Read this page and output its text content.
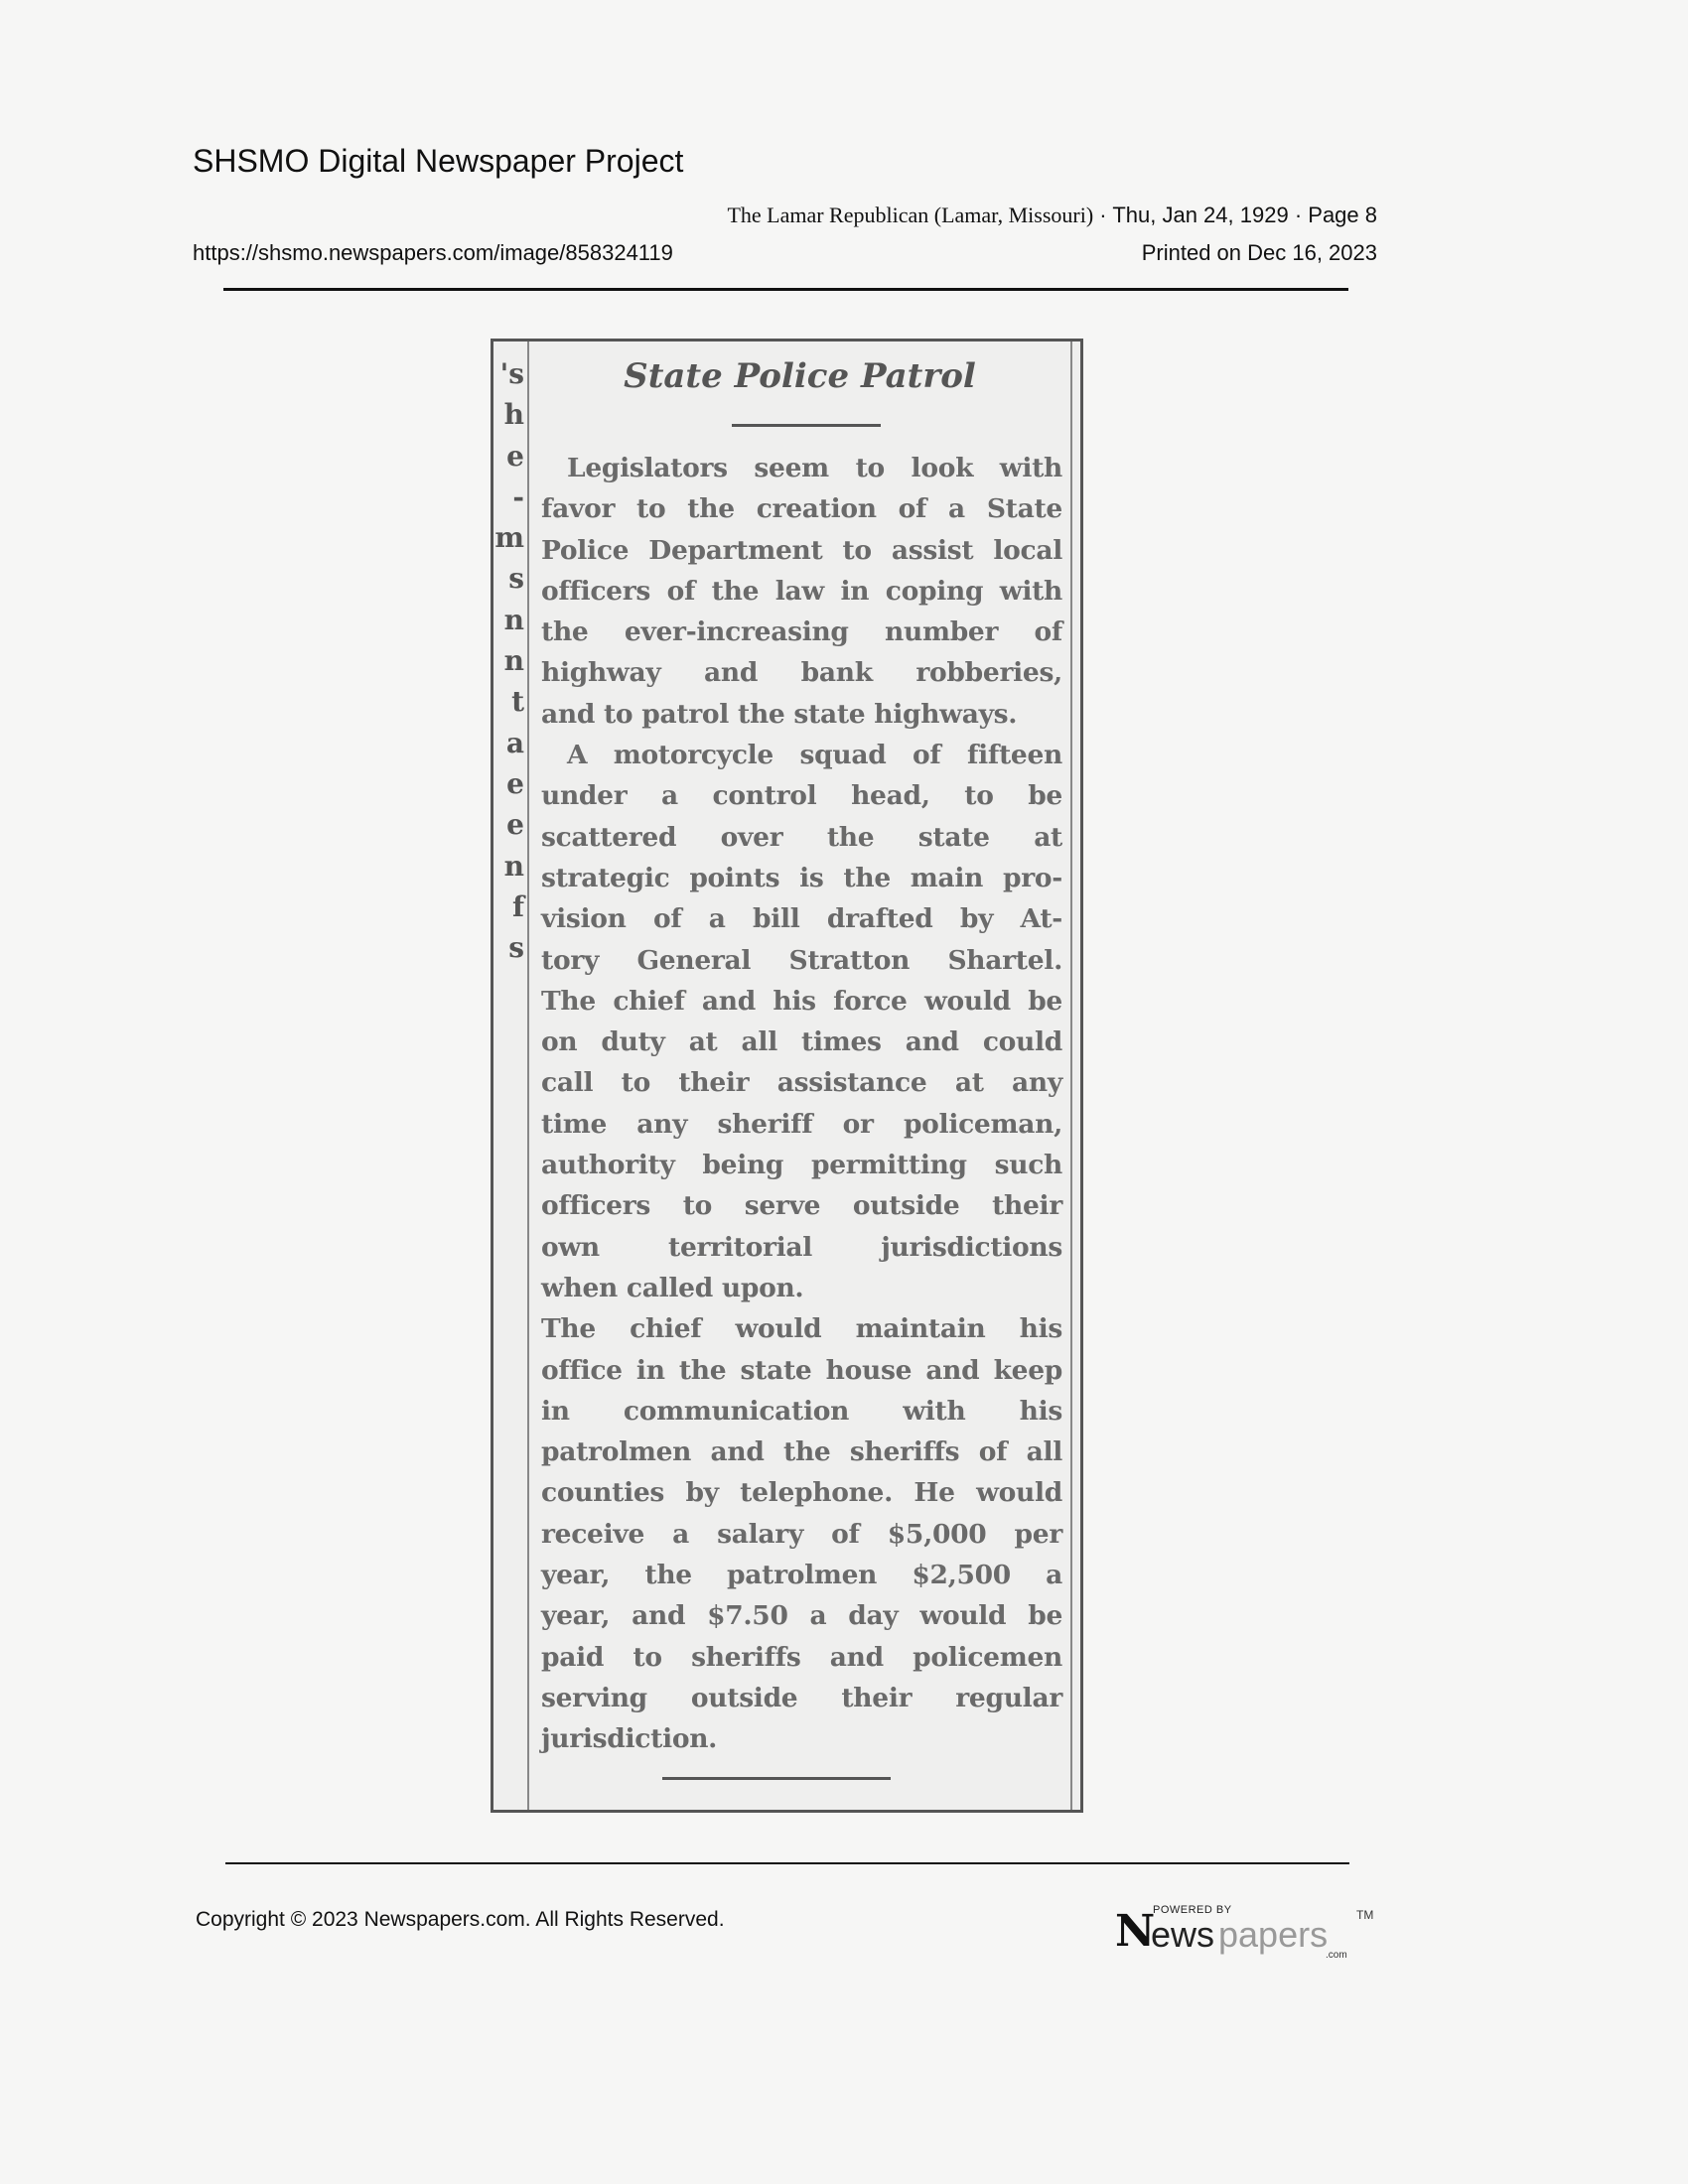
SHSMO Digital Newspaper Project
The Lamar Republican (Lamar, Missouri) · Thu, Jan 24, 1929 · Page 8
https://shsmo.newspapers.com/image/858324119	Printed on Dec 16, 2023
's
h
e
-
m
s
n
n
t
a
e
e
n
f
s
State Police Patrol
Legislators seem to look with
favor to the creation of a State
Police Department to assist local
officers of the law in coping with
the ever-increasing number of
highway and bank robberies,
and to patrol the state highways.
A motorcycle squad of fifteen
under a control head, to be
scattered over the state at
strategic points is the main pro-
vision of a bill drafted by At-
tory General Stratton Shartel.
The chief and his force would be
on duty at all times and could
call to their assistance at any
time any sheriff or policeman,
authority being permitting such
officers to serve outside their
own territorial jurisdictions
when called upon.
The chief would maintain his
office in the state house and keep
in communication with his
patrolmen and the sheriffs of all
counties by telephone. He would
receive a salary of $5,000 per
year, the patrolmen $2,500 a
year, and $7.50 a day would be
paid to sheriffs and policemen
serving outside their regular
jurisdiction.
Copyright © 2023 Newspapers.com. All Rights Reserved.	N
POWERED BY
ews papers TM
.com
